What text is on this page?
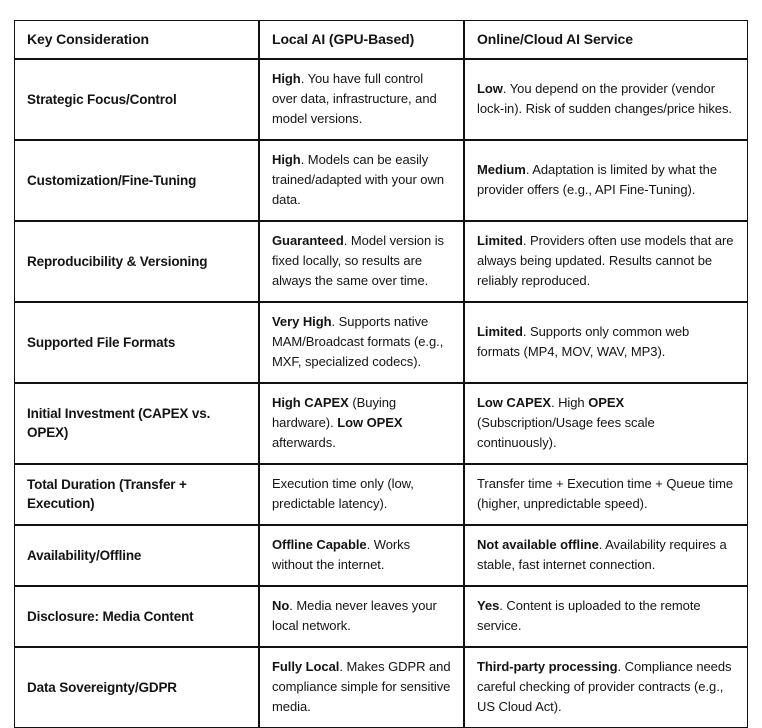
Key Consideration	Local AI (GPU-Based)	Online/Cloud AI Service

Strategic Focus/Control	High. You have full control over data, infrastructure, and model versions.	Low. You depend on the provider (vendor lock-in). Risk of sudden changes/price hikes.

Customization/Fine-Tuning	High. Models can be easily trained/adapted with your own data.	Medium. Adaptation is limited by what the provider offers (e.g., API Fine-Tuning).

Reproducibility & Versioning	Guaranteed. Model version is fixed locally, so results are always the same over time.	Limited. Providers often use models that are always being updated. Results cannot be reliably reproduced.

Supported File Formats	Very High. Supports native MAM/Broadcast formats (e.g., MXF, specialized codecs).	Limited. Supports only common web formats (MP4, MOV, WAV, MP3).

Initial Investment (CAPEX vs. OPEX)	High CAPEX (Buying hardware). Low OPEX afterwards.	Low CAPEX. High OPEX (Subscription/Usage fees scale continuously).

Total Duration (Transfer + Execution)	Execution time only (low, predictable latency).	Transfer time + Execution time + Queue time (higher, unpredictable speed).

Availability/Offline	Offline Capable. Works without the internet.	Not available offline. Availability requires a stable, fast internet connection.

Disclosure: Media Content	No. Media never leaves your local network.	Yes. Content is uploaded to the remote service.

Data Sovereignty/GDPR	Fully Local. Makes GDPR and compliance simple for sensitive media.	Third-party processing. Compliance needs careful checking of provider contracts (e.g., US Cloud Act).
